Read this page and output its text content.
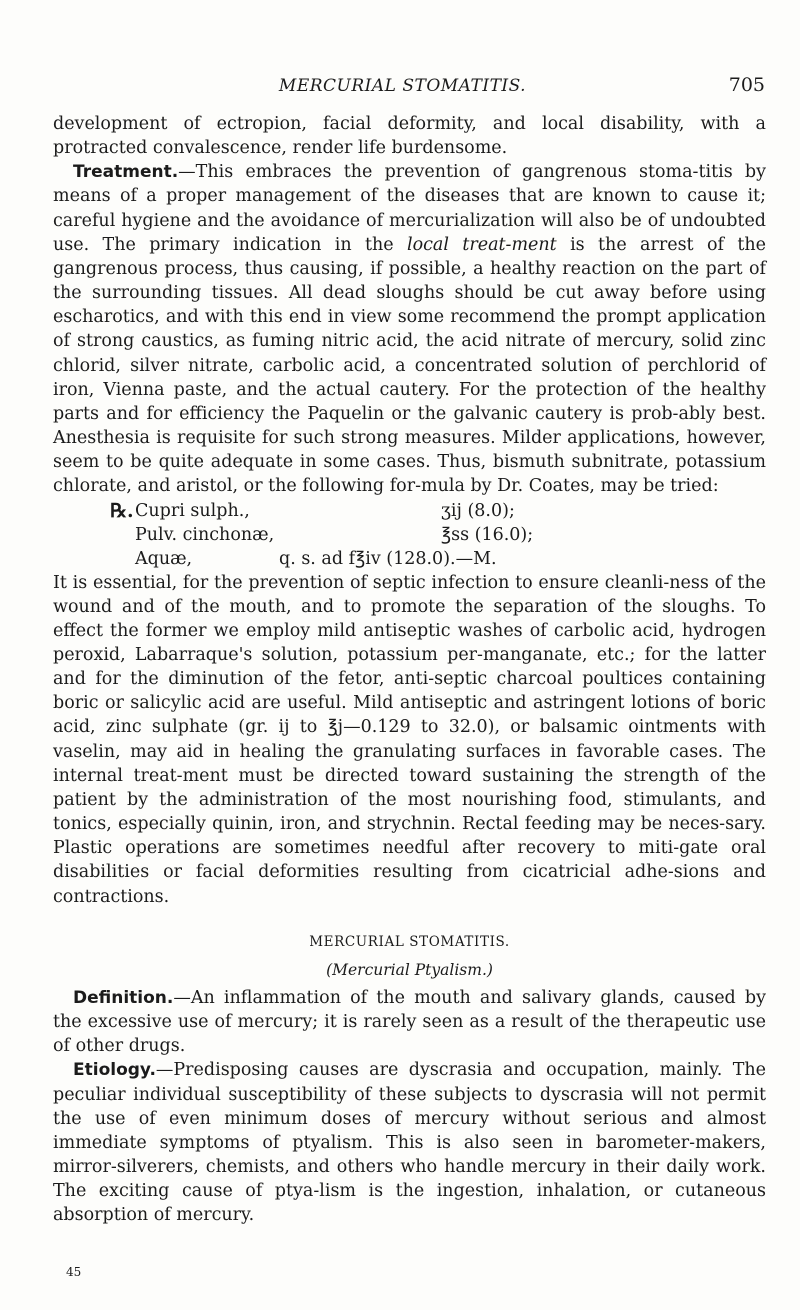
MERCURIAL STOMATITIS.	705

development of ectropion, facial deformity, and local disability, with a protracted convalescence, render life burdensome.

Treatment.—This embraces the prevention of gangrenous stoma-titis by means of a proper management of the diseases that are known to cause it; careful hygiene and the avoidance of mercurialization will also be of undoubted use. The primary indication in the local treat-ment is the arrest of the gangrenous process, thus causing, if possible, a healthy reaction on the part of the surrounding tissues. All dead sloughs should be cut away before using escharotics, and with this end in view some recommend the prompt application of strong caustics, as fuming nitric acid, the acid nitrate of mercury, solid zinc chlorid, silver nitrate, carbolic acid, a concentrated solution of perchlorid of iron, Vienna paste, and the actual cautery. For the protection of the healthy parts and for efficiency the Paquelin or the galvanic cautery is prob-ably best. Anesthesia is requisite for such strong measures. Milder applications, however, seem to be quite adequate in some cases. Thus, bismuth subnitrate, potassium chlorate, and aristol, or the following for-mula by Dr. Coates, may be tried:

℞. Cupri sulph.,	ʒij (8.0);
Pulv. cinchonæ,	℥ss (16.0);
Aquæ,	q. s. ad f℥iv (128.0).—M.

It is essential, for the prevention of septic infection to ensure cleanli-ness of the wound and of the mouth, and to promote the separation of the sloughs. To effect the former we employ mild antiseptic washes of carbolic acid, hydrogen peroxid, Labarraque's solution, potassium per-manganate, etc.; for the latter and for the diminution of the fetor, anti-septic charcoal poultices containing boric or salicylic acid are useful. Mild antiseptic and astringent lotions of boric acid, zinc sulphate (gr. ij to ℥j—0.129 to 32.0), or balsamic ointments with vaselin, may aid in healing the granulating surfaces in favorable cases. The internal treat-ment must be directed toward sustaining the strength of the patient by the administration of the most nourishing food, stimulants, and tonics, especially quinin, iron, and strychnin. Rectal feeding may be neces-sary. Plastic operations are sometimes needful after recovery to miti-gate oral disabilities or facial deformities resulting from cicatricial adhe-sions and contractions.

MERCURIAL STOMATITIS.
(Mercurial Ptyalism.)

Definition.—An inflammation of the mouth and salivary glands, caused by the excessive use of mercury; it is rarely seen as a result of the therapeutic use of other drugs.

Etiology.—Predisposing causes are dyscrasia and occupation, mainly. The peculiar individual susceptibility of these subjects to dyscrasia will not permit the use of even minimum doses of mercury without serious and almost immediate symptoms of ptyalism. This is also seen in barometer-makers, mirror-silverers, chemists, and others who handle mercury in their daily work. The exciting cause of ptya-lism is the ingestion, inhalation, or cutaneous absorption of mercury.

45
